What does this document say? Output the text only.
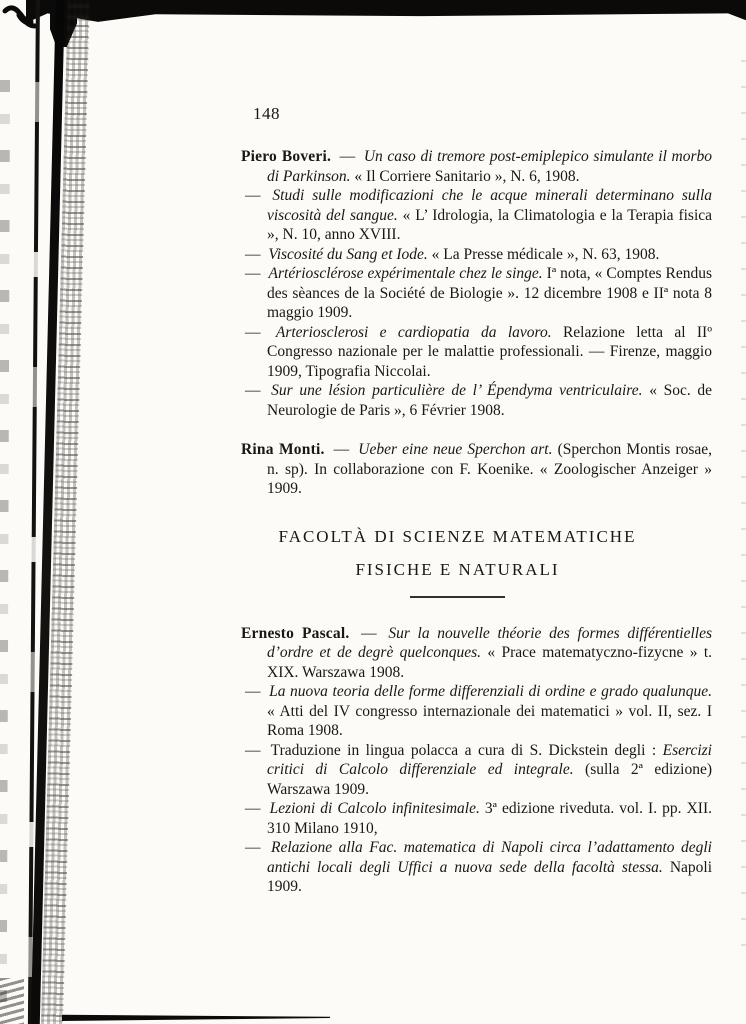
148

Piero Boveri. — Un caso di tremore post-emiplepico simulante il morbo di Parkinson. « Il Corriere Sanitario », N. 6, 1908.

— Studi sulle modificazioni che le acque minerali determinano sulla viscosità del sangue. « L’ Idrologia, la Climatologia e la Terapia fisica », N. 10, anno XVIII.

— Viscosité du Sang et Iode. « La Presse médicale », N. 63, 1908.

— Artériosclérose expérimentale chez le singe. Iª nota, « Comptes Rendus des sèances de la Société de Biologie ». 12 dicembre 1908 e IIª nota 8 maggio 1909.

— Arteriosclerosi e cardiopatia da lavoro. Relazione letta al IIº Congresso nazionale per le malattie professionali. — Firenze, maggio 1909, Tipografia Niccolai.

— Sur une lésion particulière de l’ Épendyma ventriculaire. « Soc. de Neurologie de Paris », 6 Février 1908.

Rina Monti. — Ueber eine neue Sperchon art. (Sperchon Montis rosae, n. sp). In collaborazione con F. Koenike. « Zoologischer Anzeiger » 1909.

FACOLTÀ DI SCIENZE MATEMATICHE
FISICHE E NATURALI

Ernesto Pascal. — Sur la nouvelle théorie des formes différentielles d’ordre et de degrè quelconques. « Prace matematyczno-fizycne » t. XIX. Warszawa 1908.

— La nuova teoria delle forme differenziali di ordine e grado qualunque. « Atti del IV congresso internazionale dei matematici » vol. II, sez. I Roma 1908.

— Traduzione in lingua polacca a cura di S. Dickstein degli : Esercizi critici di Calcolo differenziale ed integrale. (sulla 2ª edizione) Warszawa 1909.

— Lezioni di Calcolo infinitesimale. 3ª edizione riveduta. vol. I. pp. XII. 310 Milano 1910,

— Relazione alla Fac. matematica di Napoli circa l’adattamento degli antichi locali degli Uffici a nuova sede della facoltà stessa. Napoli 1909.
